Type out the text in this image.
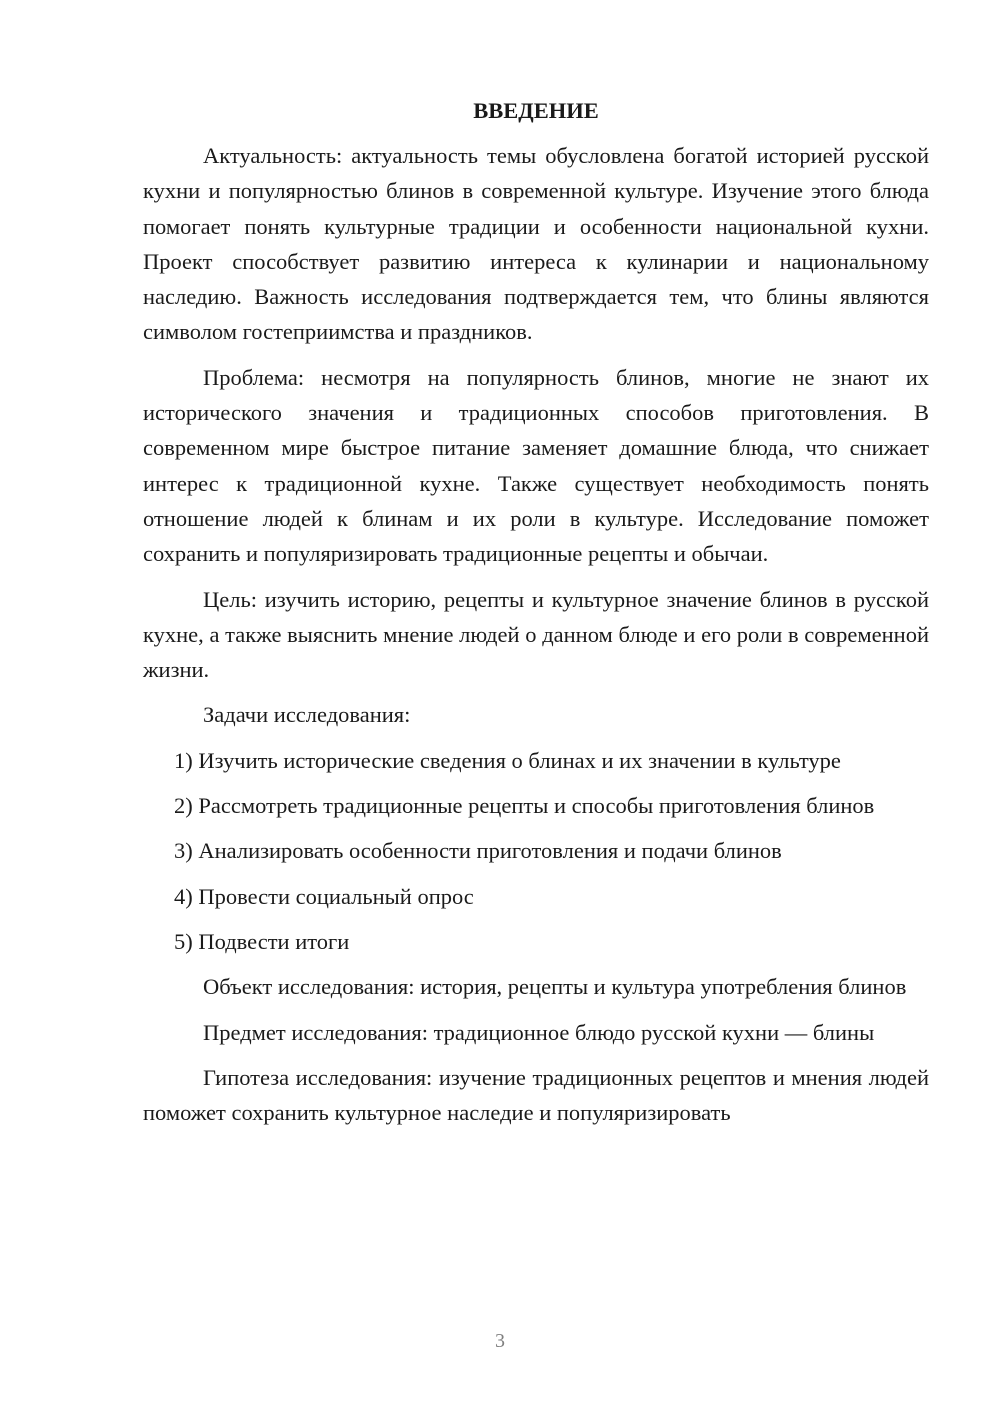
ВВЕДЕНИЕ

Актуальность: актуальность темы обусловлена богатой историей русской кухни и популярностью блинов в современной культуре. Изучение этого блюда помогает понять культурные традиции и особенности национальной кухни. Проект способствует развитию интереса к кулинарии и национальному наследию. Важность исследования подтверждается тем, что блины являются символом гостеприимства и праздников.

Проблема: несмотря на популярность блинов, многие не знают их исторического значения и традиционных способов приготовления. В современном мире быстрое питание заменяет домашние блюда, что снижает интерес к традиционной кухне. Также существует необходимость понять отношение людей к блинам и их роли в культуре. Исследование поможет сохранить и популяризировать традиционные рецепты и обычаи.

Цель: изучить историю, рецепты и культурное значение блинов в русской кухне, а также выяснить мнение людей о данном блюде и его роли в современной жизни.

Задачи исследования:

1) Изучить исторические сведения о блинах и их значении в культуре

2) Рассмотреть традиционные рецепты и способы приготовления блинов

3) Анализировать особенности приготовления и подачи блинов

4) Провести социальный опрос

5) Подвести итоги

Объект исследования: история, рецепты и культура употребления блинов

Предмет исследования: традиционное блюдо русской кухни — блины

Гипотеза исследования: изучение традиционных рецептов и мнения людей поможет сохранить культурное наследие и популяризировать

3
